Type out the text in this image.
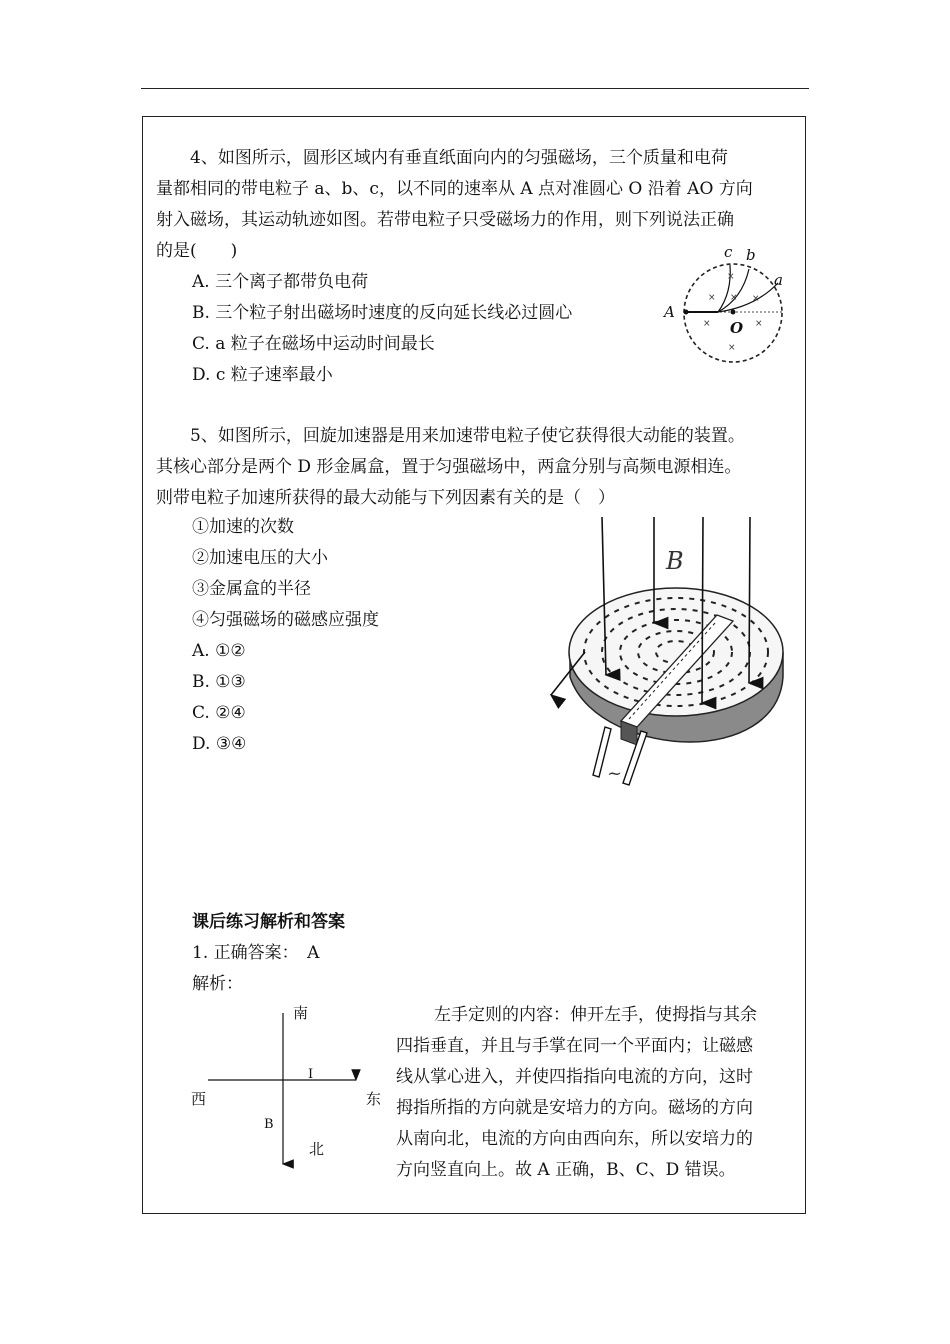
4、如图所示，圆形区域内有垂直纸面向内的匀强磁场，三个质量和电荷
量都相同的带电粒子 a、b、c，以不同的速率从 A 点对准圆心 O 沿着 AO 方向
射入磁场，其运动轨迹如图。若带电粒子只受磁场力的作用，则下列说法正确
的是(　　)
A. 三个离子都带负电荷
B. 三个粒子射出磁场时速度的反向延长线必过圆心
C. a 粒子在磁场中运动时间最长
D. c 粒子速率最小
×
× × ×
×	×
×
c b
a
A
O
5、如图所示，回旋加速器是用来加速带电粒子使它获得很大动能的装置。
其核心部分是两个 D 形金属盒，置于匀强磁场中，两盒分别与高频电源相连。
则带电粒子加速所获得的最大动能与下列因素有关的是（　）
①加速的次数
②加速电压的大小
③金属盒的半径
④匀强磁场的磁感应强度
A. ①②
B. ①③
C. ②④
D. ③④
B
~
课后练习解析和答案
1. 正确答案：　A
解析：
南
I
西	东
B
北
左手定则的内容：伸开左手，使拇指与其余
四指垂直，并且与手掌在同一个平面内；让磁感
线从掌心进入，并使四指指向电流的方向，这时
拇指所指的方向就是安培力的方向。磁场的方向
从南向北，电流的方向由西向东，所以安培力的
方向竖直向上。故 A 正确，B、C、D 错误。
